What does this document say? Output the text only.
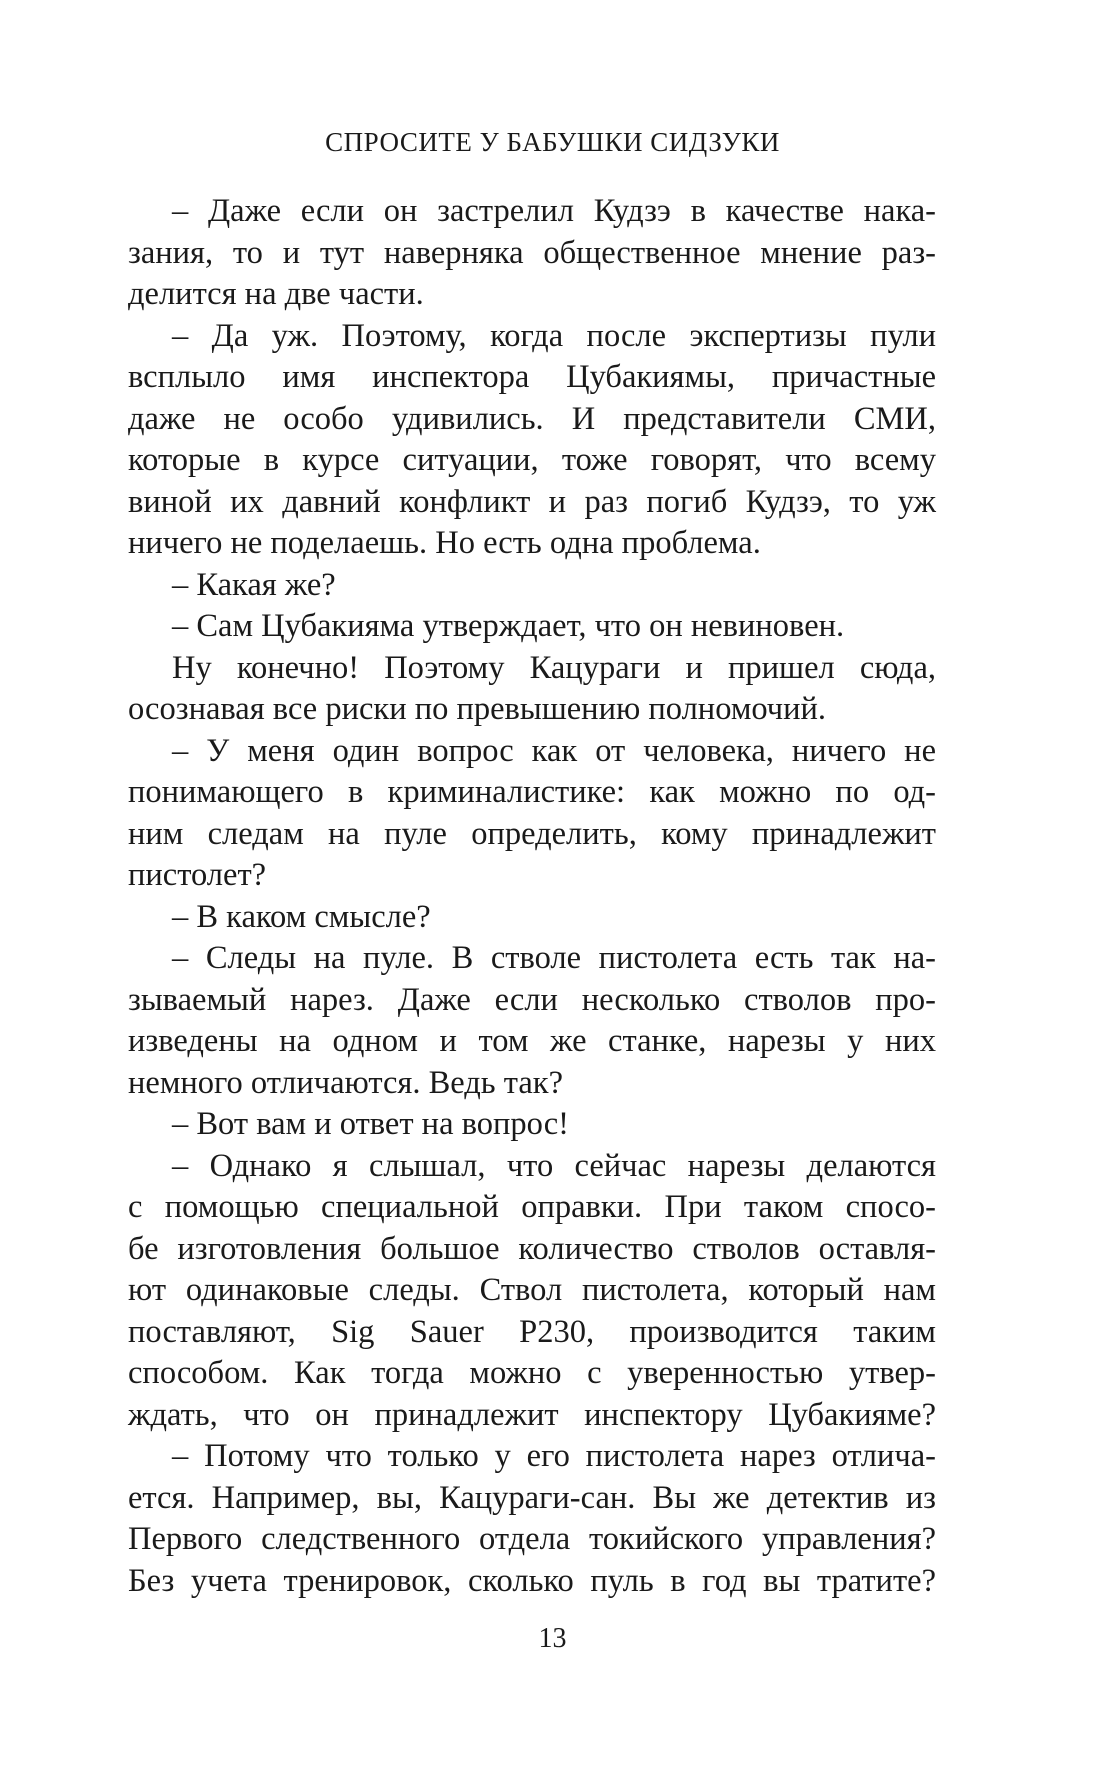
СПРОСИТЕ У БАБУШКИ СИДЗУКИ
– Даже если он застрелил Кудзэ в качестве нака-
зания, то и тут наверняка общественное мнение раз-
делится на две части.
– Да уж. Поэтому, когда после экспертизы пули
всплыло имя инспектора Цубакиямы, причастные
даже не особо удивились. И представители СМИ,
которые в курсе ситуации, тоже говорят, что всему
виной их давний конфликт и раз погиб Кудзэ, то уж
ничего не поделаешь. Но есть одна проблема.
– Какая же?
– Сам Цубакияма утверждает, что он невиновен.
Ну конечно! Поэтому Кацураги и пришел сюда,
осознавая все риски по превышению полномочий.
– У меня один вопрос как от человека, ничего не
понимающего в криминалистике: как можно по од-
ним следам на пуле определить, кому принадлежит
пистолет?
– В каком смысле?
– Следы на пуле. В стволе пистолета есть так на-
зываемый нарез. Даже если несколько стволов про-
изведены на одном и том же станке, нарезы у них
немного отличаются. Ведь так?
– Вот вам и ответ на вопрос!
– Однако я слышал, что сейчас нарезы делаются
с помощью специальной оправки. При таком спосо-
бе изготовления большое количество стволов оставля-
ют одинаковые следы. Ствол пистолета, который нам
поставляют, Sig Sauer P230, производится таким
способом. Как тогда можно с уверенностью утвер-
ждать, что он принадлежит инспектору Цубакияме?
– Потому что только у его пистолета нарез отлича-
ется. Например, вы, Кацураги-сан. Вы же детектив из
Первого следственного отдела токийского управления?
Без учета тренировок, сколько пуль в год вы тратите?
13
